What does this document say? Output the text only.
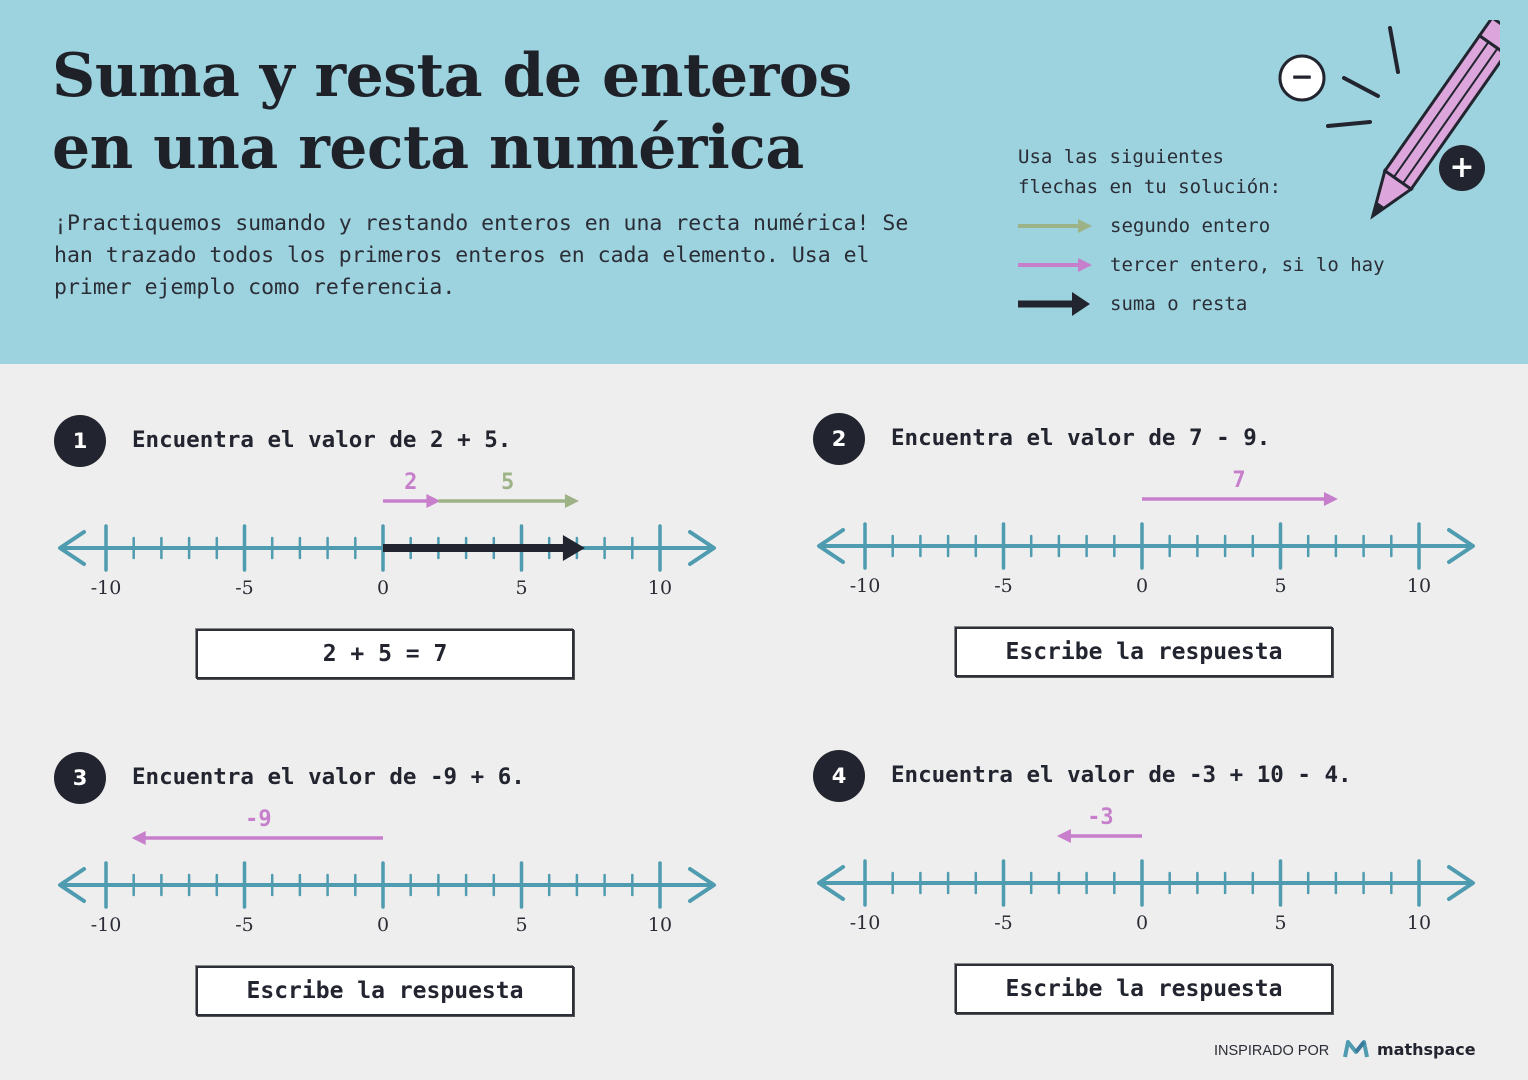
Suma y resta de enteros
en una recta numérica

¡Practiquemos sumando y restando enteros en una recta numérica! Se han trazado todos los primeros enteros en cada elemento. Usa el primer ejemplo como referencia.

Usa las siguientes
flechas en tu solución:

segundo entero
tercer entero, si lo hay
suma o resta
−
+
1	Encuentra el valor de 2 + 5.
-10	-5	0	5	10
2	5
2 + 5 = 7
2	Encuentra el valor de 7 - 9.
-10	-5	0	5	10
7
Escribe la respuesta
3	Encuentra el valor de -9 + 6.
-10	-5	0	5	10
-9
Escribe la respuesta
4	Encuentra el valor de -3 + 10 - 4.
-10	-5	0	5	10
-3
Escribe la respuesta
INSPIRADO POR	mathspace
